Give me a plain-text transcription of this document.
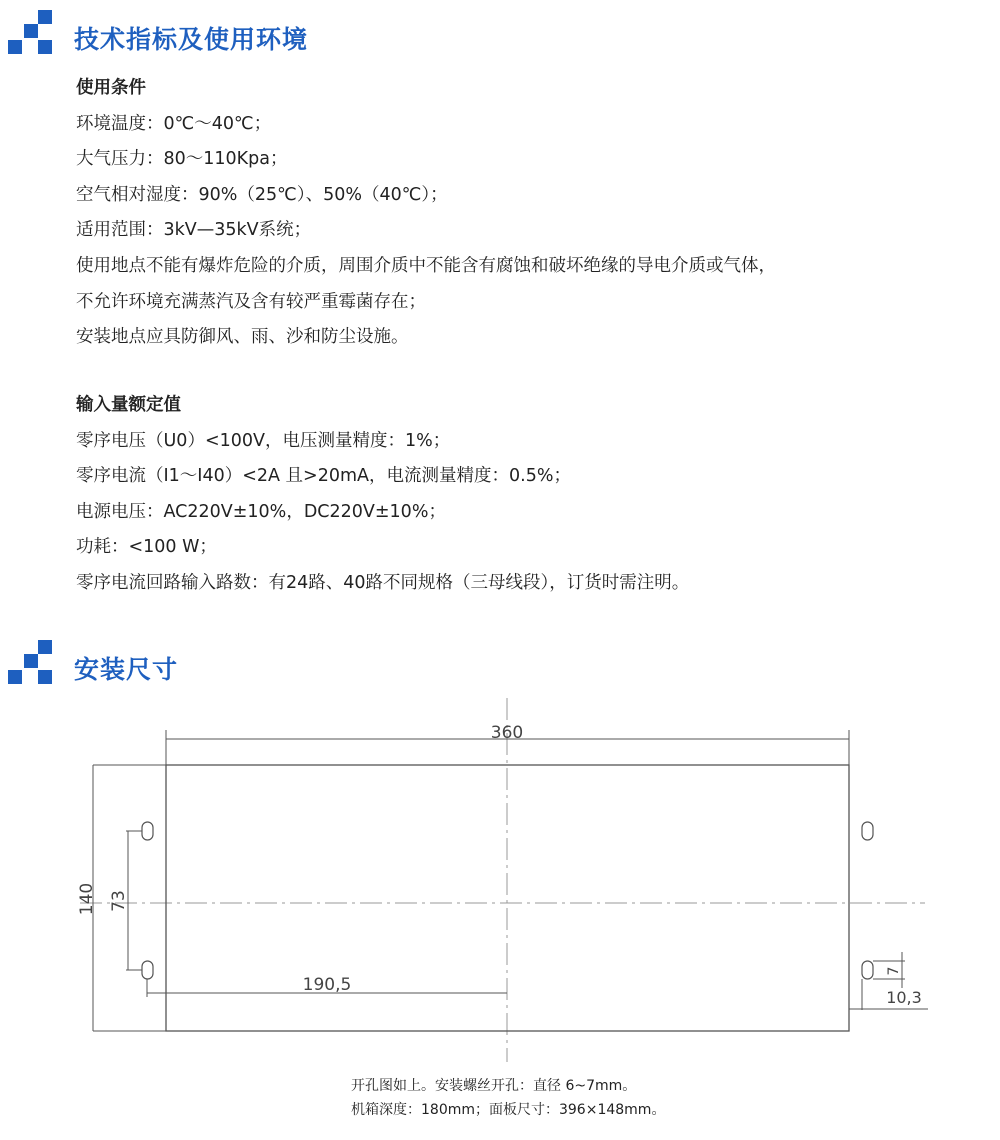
技术指标及使用环境
使用条件
环境温度：0℃～40℃；
大气压力：80～110Kpa；
空气相对湿度：90%（25℃）、50%（40℃）；
适用范围：3kV—35kV系统；
使用地点不能有爆炸危险的介质，周围介质中不能含有腐蚀和破坏绝缘的导电介质或气体，
不允许环境充满蒸汽及含有较严重霉菌存在；
安装地点应具防御风、雨、沙和防尘设施。
输入量额定值
零序电压（U0）<100V，电压测量精度：1%；
零序电流（I1～I40）<2A 且>20mA，电流测量精度：0.5%；
电源电压：AC220V±10%，DC220V±10%；
功耗：<100 W；
零序电流回路输入路数：有24路、40路不同规格（三母线段），订货时需注明。
安装尺寸
360
140 73
190,5
10,3
7
开孔图如上。安装螺丝开孔：直径 6~7mm。
机箱深度：180mm；面板尺寸：396×148mm。
